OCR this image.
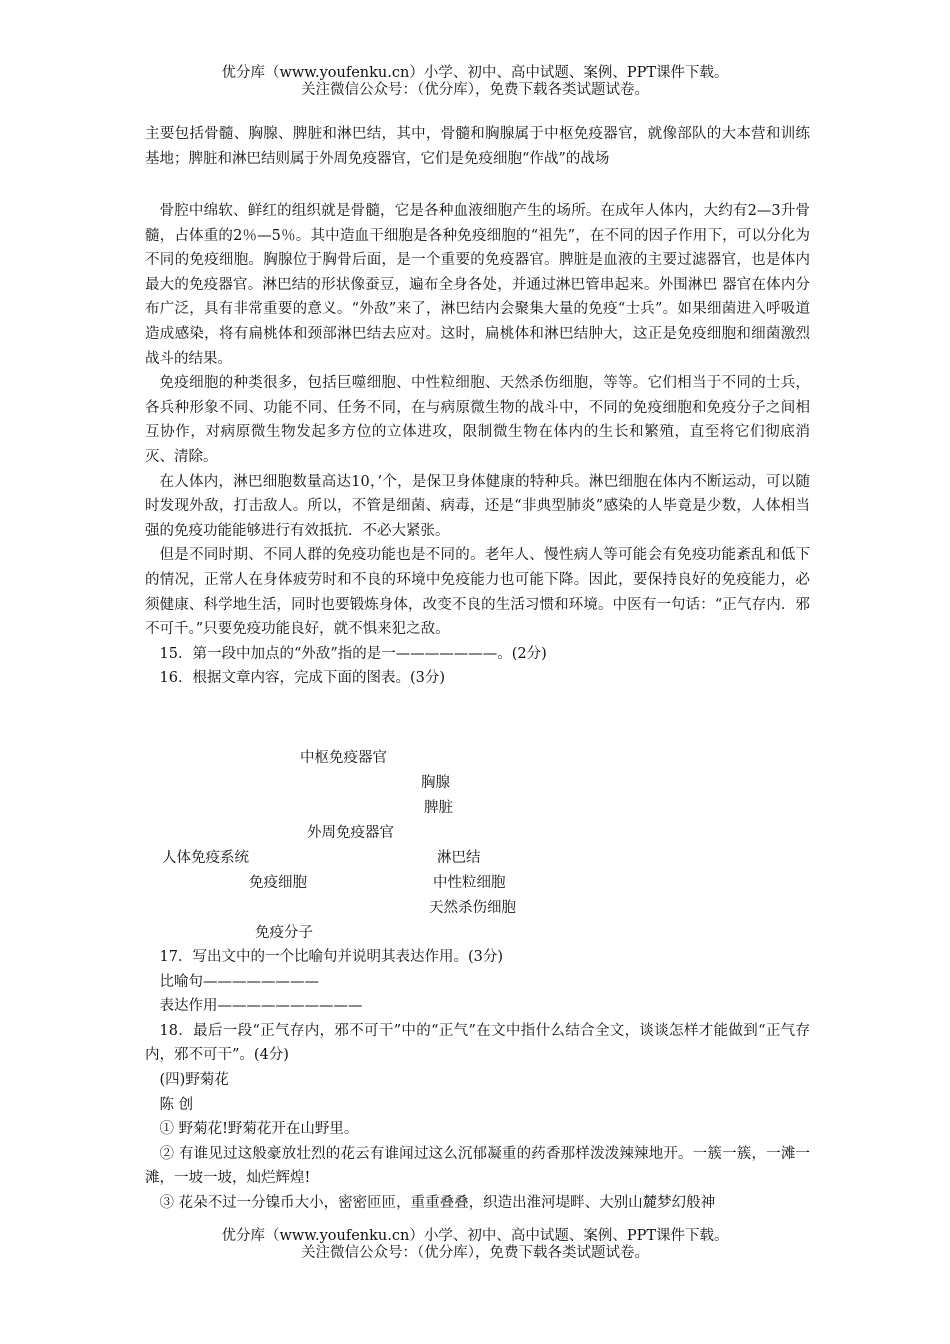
优分库（www.youfenku.cn）小学、初中、高中试题、案例、PPT课件下载。
关注微信公众号：（优分库），免费下载各类试题试卷。

主要包括骨髓、胸腺、脾脏和淋巴结，其中，骨髓和胸腺属于中枢免疫器官，就像部队的大本营和训练基地；脾脏和淋巴结则属于外周免疫器官，它们是免疫细胞“作战”的战场

骨腔中绵软、鲜红的组织就是骨髓，它是各种血液细胞产生的场所。在成年人体内，大约有2—3升骨髓，占体重的2％—5％。其中造血干细胞是各种免疫细胞的“祖先”，在不同的因子作用下，可以分化为不同的免疫细胞。胸腺位于胸骨后面，是一个重要的免疫器官。脾脏是血液的主要过滤器官，也是体内最大的免疫器官。淋巴结的形状像蚕豆，遍布全身各处，并通过淋巴管串起来。外围淋巴 器官在体内分布广泛，具有非常重要的意义。“外敌”来了，淋巴结内会聚集大量的免疫“士兵”。如果细菌进入呼吸道造成感染，将有扁桃体和颈部淋巴结去应对。这时，扁桃体和淋巴结肿大，这正是免疫细胞和细菌激烈战斗的结果。

免疫细胞的种类很多，包括巨噬细胞、中性粒细胞、天然杀伤细胞，等等。它们相当于不同的士兵，各兵种形象不同、功能不同、任务不同，在与病原微生物的战斗中，不同的免疫细胞和免疫分子之间相互协作，对病原微生物发起多方位的立体进攻，限制微生物在体内的生长和繁殖，直至将它们彻底消灭、清除。

在人体内，淋巴细胞数量高达10，’个，是保卫身体健康的特种兵。淋巴细胞在体内不断运动，可以随时发现外敌，打击敌人。所以，不管是细菌、病毒，还是“非典型肺炎”感染的人毕竟是少数，人体相当强的免疫功能能够进行有效抵抗．不必大紧张。

但是不同时期、不同人群的免疫功能也是不同的。老年人、慢性病人等可能会有免疫功能紊乱和低下的情况，正常人在身体疲劳时和不良的环境中免疫能力也可能下降。因此，要保持良好的免疫能力，必须健康、科学地生活，同时也要锻炼身体，改变不良的生活习惯和环境。中医有一句话：“正气存内．邪不可千。”只要免疫功能良好，就不惧来犯之敌。

15．第一段中加点的“外敌”指的是一———————。(2分)

16．根据文章内容，完成下面的图表。(3分)

中枢免疫器官
胸腺
脾脏
外周免疫器官
人体免疫系统	淋巴结
免疫细胞	中性粒细胞
天然杀伤细胞
免疫分子

17．写出文中的一个比喻句并说明其表达作用。(3分)

比喻句————————

表达作用——————————

18．最后一段“正气存内，邪不可干”中的“正气”在文中指什么结合全文，谈谈怎样才能做到“正气存内，邪不可干”。(4分)

(四)野菊花

陈 创

① 野菊花!野菊花开在山野里。

② 有谁见过这般豪放壮烈的花云有谁闻过这么沉郁凝重的药香那样泼泼辣辣地开。一簇一簇，一滩一滩，一坡一坡，灿烂辉煌!

③ 花朵不过一分镍币大小，密密匝匝，重重叠叠，织造出淮河堤畔、大别山麓梦幻般神

优分库（www.youfenku.cn）小学、初中、高中试题、案例、PPT课件下载。
关注微信公众号：（优分库），免费下载各类试题试卷。
